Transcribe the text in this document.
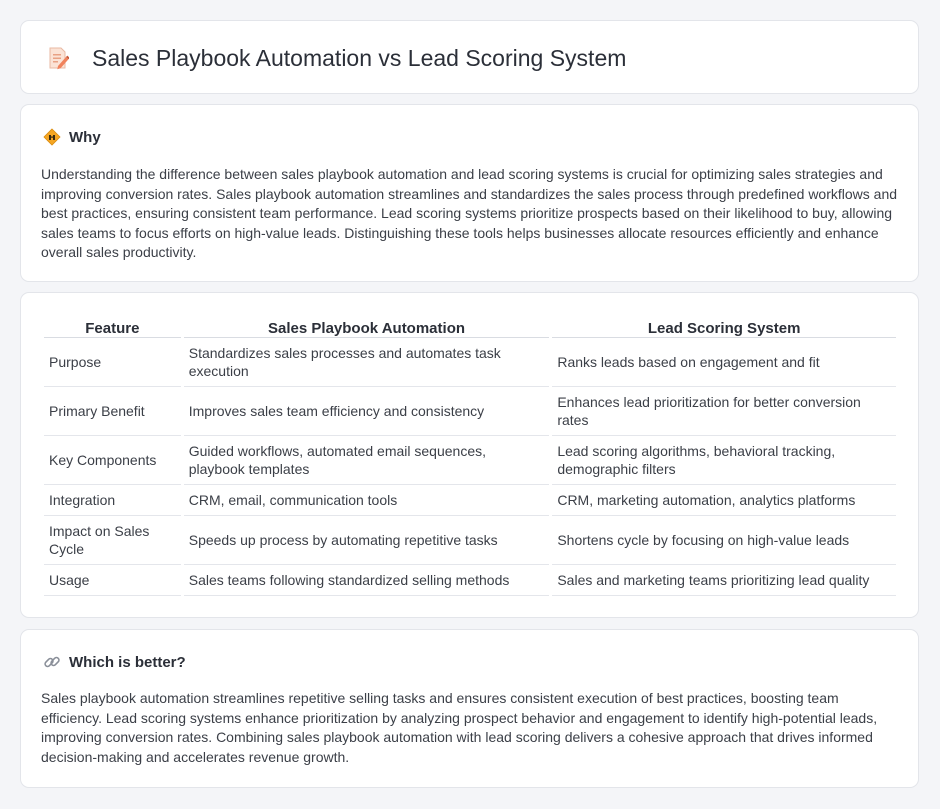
Sales Playbook Automation vs Lead Scoring System
Why

Understanding the difference between sales playbook automation and lead scoring systems is crucial for optimizing sales strategies and improving conversion rates. Sales playbook automation streamlines and standardizes the sales process through predefined workflows and best practices, ensuring consistent team performance. Lead scoring systems prioritize prospects based on their likelihood to buy, allowing sales teams to focus efforts on high-value leads. Distinguishing these tools helps businesses allocate resources efficiently and enhance overall sales productivity.

Feature	Sales Playbook Automation	Lead Scoring System
Purpose	Standardizes sales processes and automates task execution	Ranks leads based on engagement and fit
Primary Benefit	Improves sales team efficiency and consistency	Enhances lead prioritization for better conversion rates
Key Components	Guided workflows, automated email sequences, playbook templates	Lead scoring algorithms, behavioral tracking, demographic filters
Integration	CRM, email, communication tools	CRM, marketing automation, analytics platforms
Impact on Sales Cycle	Speeds up process by automating repetitive tasks	Shortens cycle by focusing on high-value leads
Usage	Sales teams following standardized selling methods	Sales and marketing teams prioritizing lead quality
Which is better?

Sales playbook automation streamlines repetitive selling tasks and ensures consistent execution of best practices, boosting team efficiency. Lead scoring systems enhance prioritization by analyzing prospect behavior and engagement to identify high-potential leads, improving conversion rates. Combining sales playbook automation with lead scoring delivers a cohesive approach that drives informed decision-making and accelerates revenue growth.
